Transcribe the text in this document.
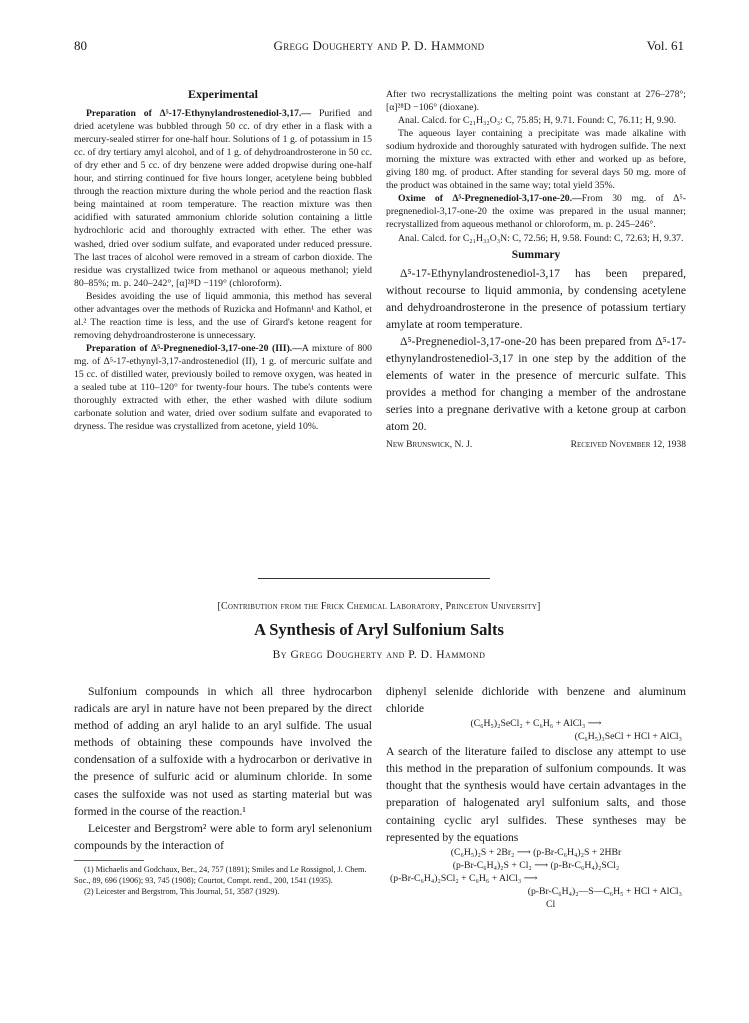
80	Gregg Dougherty and P. D. Hammond	Vol. 61
Experimental

Preparation of Δ⁵-17-Ethynylandrostenediol-3,17.— Purified and dried acetylene was bubbled through 50 cc. of dry ether in a flask with a mercury-sealed stirrer for one-half hour. Solutions of 1 g. of potassium in 15 cc. of dry tertiary amyl alcohol, and of 1 g. of dehydroandrosterone in 50 cc. of dry ether and 5 cc. of dry benzene were added dropwise during one-half hour, and stirring continued for five hours longer, acetylene being bubbled through the reaction mixture during the whole period and the reaction flask being maintained at room temperature. The reaction mixture was then acidified with saturated ammonium chloride solution containing a little hydrochloric acid and thoroughly extracted with ether. The ether was washed, dried over sodium sulfate, and evaporated under reduced pressure. The last traces of alcohol were removed in a stream of carbon dioxide. The residue was crystallized twice from methanol or aqueous methanol; yield 80–85%; m. p. 240–242°, [α]²⁸D −119° (chloroform).

Besides avoiding the use of liquid ammonia, this method has several other advantages over the methods of Ruzicka and Hofmann¹ and Kathol, et al.² The reaction time is less, and the use of Girard's ketone reagent for removing dehydroandrosterone is unnecessary.

Preparation of Δ⁵-Pregnenediol-3,17-one-20 (III).—A mixture of 800 mg. of Δ⁵-17-ethynyl-3,17-androstenediol (II), 1 g. of mercuric sulfate and 15 cc. of distilled water, previously boiled to remove oxygen, was heated in a sealed tube at 110–120° for twenty-four hours. The tube's contents were thoroughly extracted with ether, the ether washed with dilute sodium carbonate solution and water, dried over sodium sulfate and evaporated to dryness. The residue was crystallized from acetone, yield 10%.

After two recrystallizations the melting point was constant at 276–278°; [α]²⁸D −106° (dioxane).

Anal. Calcd. for C₂₁H₃₂O₃: C, 75.85; H, 9.71. Found: C, 76.11; H, 9.90.

The aqueous layer containing a precipitate was made alkaline with sodium hydroxide and thoroughly saturated with hydrogen sulfide. The next morning the mixture was extracted with ether and worked up as before, giving 180 mg. of product. After standing for several days 50 mg. more of the product was obtained in the same way; total yield 35%.

Oxime of Δ⁵-Pregnenediol-3,17-one-20.—From 30 mg. of Δ⁵-pregnenediol-3,17-one-20 the oxime was prepared in the usual manner; recrystallized from aqueous methanol or chloroform, m. p. 245–246°.

Anal. Calcd. for C₂₁H₃₃O₃N: C, 72.56; H, 9.58. Found: C, 72.63; H, 9.37.

Summary

Δ⁵-17-Ethynylandrostenediol-3,17 has been prepared, without recourse to liquid ammonia, by condensing acetylene and dehydroandrosterone in the presence of potassium tertiary amylate at room temperature.

Δ⁵-Pregnenediol-3,17-one-20 has been prepared from Δ⁵-17-ethynylandrostenediol-3,17 in one step by the addition of the elements of water in the presence of mercuric sulfate. This provides a method for changing a member of the androstane series into a pregnane derivative with a ketone group at carbon atom 20.

New Brunswick, N. J.	Received November 12, 1938
[Contribution from the Frick Chemical Laboratory, Princeton University]
A Synthesis of Aryl Sulfonium Salts
By Gregg Dougherty and P. D. Hammond

Sulfonium compounds in which all three hydrocarbon radicals are aryl in nature have not been prepared by the direct method of adding an aryl halide to an aryl sulfide. The usual methods of obtaining these compounds have involved the condensation of a sulfoxide with a hydrocarbon or derivative in the presence of sulfuric acid or aluminum chloride. In some cases the sulfoxide was not used as starting material but was formed in the course of the reaction.¹

Leicester and Bergstrom² were able to form aryl selenonium compounds by the interaction of

(1) Michaelis and Godchaux, Ber., 24, 757 (1891); Smiles and Le Rossignol, J. Chem. Soc., 89, 696 (1906); 93, 745 (1908); Courtot, Compt. rend., 200, 1541 (1935).

(2) Leicester and Bergstrom, This Journal, 51, 3587 (1929).

diphenyl selenide dichloride with benzene and aluminum chloride

(C₆H₅)₂SeCl₂ + C₆H₆ + AlCl₃ ⟶
(C₆H₅)₃SeCl + HCl + AlCl₃

A search of the literature failed to disclose any attempt to use this method in the preparation of sulfonium compounds. It was thought that the synthesis would have certain advantages in the preparation of halogenated aryl sulfonium salts, and those containing cyclic aryl sulfides. These syntheses may be represented by the equations

(C₆H₅)₂S + 2Br₂ ⟶ (p-Br-C₆H₄)₂S + 2HBr
(p-Br-C₆H₄)₂S + Cl₂ ⟶ (p-Br-C₆H₄)₂SCl₂
(p-Br-C₆H₄)₂SCl₂ + C₆H₆ + AlCl₃ ⟶
(p-Br-C₆H₄)₂—S—C₆H₅ + HCl + AlCl₃
Cl
